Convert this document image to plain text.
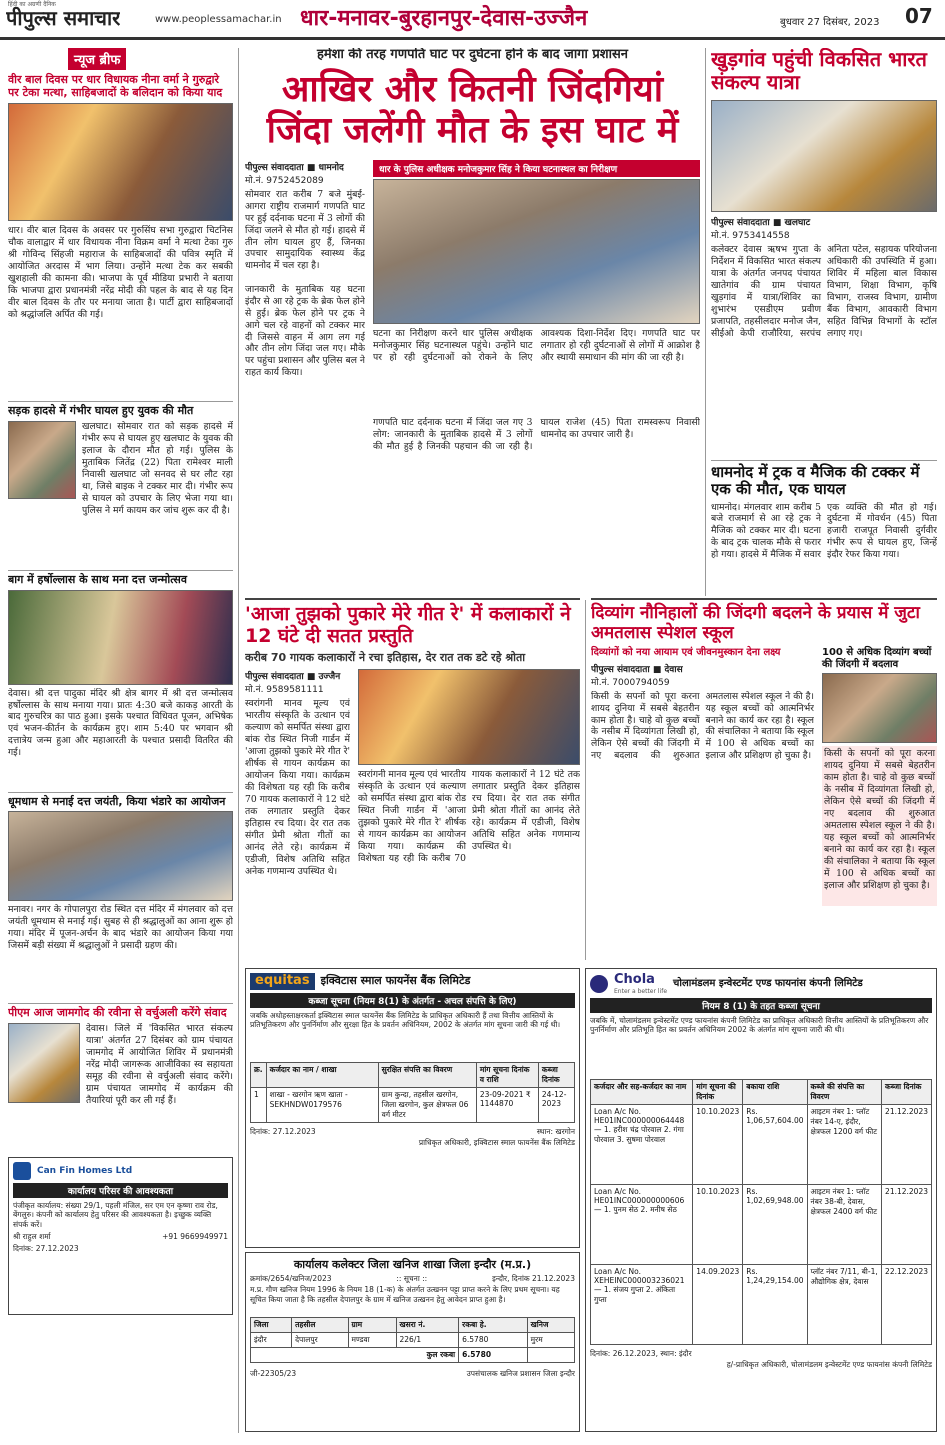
हिंदी का अग्रणी दैनिक
पीपुल्स समाचार	www.peoplessamachar.in धार-मनावर-बुरहानपुर-देवास-उज्जैन	बुधवार 27 दिसंबर, 2023 07
न्यूज ब्रीफ
वीर बाल दिवस पर धार विधायक नीना वर्मा ने गुरुद्वारे पर टेका मत्था, साहिबजादों के बलिदान को किया याद
धार। वीर बाल दिवस के अवसर पर गुरुसिंघ सभा गुरुद्वारा चिटनिस चौक वालाद्वार में धार विधायक नीना विक्रम वर्मा ने मत्था टेका गुरु श्री गोविन्द सिंहजी महाराज के साहिबजादों की पवित्र स्मृति में आयोजित अरदास में भाग लिया। उन्होंने मत्था टेक कर सबकी खुशहाली की कामना की। भाजपा के पूर्व मीडिया प्रभारी ने बताया कि भाजपा द्वारा प्रधानमंत्री नरेंद्र मोदी की पहल के बाद से यह दिन वीर बाल दिवस के तौर पर मनाया जाता है। पार्टी द्वारा साहिबजादों को श्रद्धांजलि अर्पित की गई।
सड़क हादसे में गंभीर घायल हुए युवक की मौत
खलघाट। सोमवार रात को सड़क हादसे में गंभीर रूप से घायल हुए खलघाट के युवक की इलाज के दौरान मौत हो गई। पुलिस के मुताबिक जितेंद्र (22) पिता रामेश्वर माली निवासी खलघाट जो सनवद से घर लौट रहा था, जिसे बाइक ने टक्कर मार दी। गंभीर रूप से घायल को उपचार के लिए भेजा गया था। पुलिस ने मर्ग कायम कर जांच शुरू कर दी है।
बाग में हर्षोल्लास के साथ मना दत्त जन्मोत्सव
देवास। श्री दत्त पादुका मंदिर श्री क्षेत्र बागर में श्री दत्त जन्मोत्सव हर्षोल्लास के साथ मनाया गया। प्रातः 4:30 बजे काकड़ आरती के बाद गुरुचरित्र का पाठ हुआ। इसके पश्चात विधिवत पूजन, अभिषेक एवं भजन-कीर्तन के कार्यक्रम हुए। शाम 5:40 पर भगवान श्री दत्तात्रेय जन्म हुआ और महाआरती के पश्चात प्रसादी वितरित की गई।
धूमधाम से मनाई दत्त जयंती, किया भंडारे का आयोजन
मनावर। नगर के गोपालपुरा रोड स्थित दत्त मंदिर में मंगलवार को दत्त जयंती धूमधाम से मनाई गई। सुबह से ही श्रद्धालुओं का आना शुरू हो गया। मंदिर में पूजन-अर्चन के बाद भंडारे का आयोजन किया गया जिसमें बड़ी संख्या में श्रद्धालुओं ने प्रसादी ग्रहण की।
पीएम आज जामगोद की रवीना से वर्चुअली करेंगे संवाद
देवास। जिले में 'विकसित भारत संकल्प यात्रा' अंतर्गत 27 दिसंबर को ग्राम पंचायत जामगोद में आयोजित शिविर में प्रधानमंत्री नरेंद्र मोदी जागरूक आजीविका स्व सहायता समूह की रवीना से वर्चुअली संवाद करेंगे। ग्राम पंचायत जामगोद में कार्यक्रम की तैयारियां पूरी कर ली गई हैं।
Can Fin Homes Ltd
कार्यालय परिसर की आवश्यकता
पंजीकृत कार्यालय: संख्या 29/1, पहली मंजिल, सर एम एन कृष्णा राव रोड, बेंगलुरु। कंपनी को कार्यालय हेतु परिसर की आवश्यकता है। इच्छुक व्यक्ति संपर्क करें।
श्री राहुल शर्मा	+91 9669949971
दिनांक: 27.12.2023
हमेशा की तरह गणपति घाट पर दुर्घटना होने के बाद जागा प्रशासन
आखिर और कितनी जिंदगियां जिंदा जलेंगी मौत के इस घाट में
पीपुल्स संवाददाता ■ धामनोद
मो.नं. 9752452089
सोमवार रात करीब 7 बजे मुंबई-आगरा राष्ट्रीय राजमार्ग गणपति घाट पर हुई दर्दनाक घटना में 3 लोगों की जिंदा जलने से मौत हो गई। हादसे में तीन लोग घायल हुए हैं, जिनका उपचार सामुदायिक स्वास्थ्य केंद्र धामनोद में चल रहा है।
जानकारी के मुताबिक यह घटना इंदौर से आ रहे ट्रक के ब्रेक फेल होने से हुई। ब्रेक फेल होने पर ट्रक ने आगे चल रहे वाहनों को टक्कर मार दी जिससे वाहन में आग लग गई और तीन लोग जिंदा जल गए। मौके पर पहुंचा प्रशासन और पुलिस बल ने राहत कार्य किया।
धार के पुलिस अधीक्षक मनोजकुमार सिंह ने किया घटनास्थल का निरीक्षण
घटना का निरीक्षण करने धार पुलिस अधीक्षक मनोजकुमार सिंह घटनास्थल पहुंचे। उन्होंने घाट पर हो रही दुर्घटनाओं को रोकने के लिए आवश्यक दिशा-निर्देश दिए। गणपति घाट पर लगातार हो रही दुर्घटनाओं से लोगों में आक्रोश है और स्थायी समाधान की मांग की जा रही है।
गणपति घाट दर्दनाक घटना में जिंदा जल गए 3 लोग: जानकारी के मुताबिक हादसे में 3 लोगों की मौत हुई है जिनकी पहचान की जा रही है। घायल राजेश (45) पिता रामस्वरूप निवासी धामनोद का उपचार जारी है।
खुड़गांव पहुंची विकसित भारत संकल्प यात्रा
पीपुल्स संवाददाता ■ खलघाट
मो.नं. 9753414558
कलेक्टर देवास ऋषभ गुप्ता के निर्देशन में विकसित भारत संकल्प यात्रा के अंतर्गत जनपद पंचायत खातेगांव की ग्राम पंचायत खुड़गांव में यात्रा/शिविर का शुभारंभ एसडीएम प्रवीण प्रजापति, तहसीलदार मनोज जैन, सीईओ केपी राजौरिया, सरपंच अनिता पटेल, सहायक परियोजना अधिकारी की उपस्थिति में हुआ। शिविर में महिला बाल विकास विभाग, शिक्षा विभाग, कृषि विभाग, राजस्व विभाग, ग्रामीण बैंक विभाग, आवकारी विभाग सहित विभिन्न विभागों के स्टॉल लगाए गए।
धामनोद में ट्रक व मैजिक की टक्कर में एक की मौत, एक घायल
धामनोद। मंगलवार शाम करीब 5 बजे राजमार्ग से आ रहे ट्रक ने मैजिक को टक्कर मार दी। घटना के बाद ट्रक चालक मौके से फरार हो गया। हादसे में मैजिक में सवार एक व्यक्ति की मौत हो गई। दुर्घटना में गोवर्धन (45) पिता हजारी राजपूत निवासी दुर्गवीर गंभीर रूप से घायल हुए, जिन्हें इंदौर रेफर किया गया।
'आजा तुझको पुकारे मेरे गीत रे' में कलाकारों ने 12 घंटे दी सतत प्रस्तुति
करीब 70 गायक कलाकारों ने रचा इतिहास, देर रात तक डटे रहे श्रोता
पीपुल्स संवाददाता ■ उज्जैन
मो.नं. 9589581111
स्वरांगनी मानव मूल्य एवं भारतीय संस्कृति के उत्थान एवं कल्याण को समर्पित संस्था द्वारा बांक रोड स्थित निजी गार्डन में 'आजा तुझको पुकारे मेरे गीत रे' शीर्षक से गायन कार्यक्रम का आयोजन किया गया। कार्यक्रम की विशेषता यह रही कि करीब 70 गायक कलाकारों ने 12 घंटे तक लगातार प्रस्तुति देकर इतिहास रच दिया। देर रात तक संगीत प्रेमी श्रोता गीतों का आनंद लेते रहे। कार्यक्रम में एडीजी, विशेष अतिथि सहित अनेक गणमान्य उपस्थित थे।
स्वरांगनी मानव मूल्य एवं भारतीय संस्कृति के उत्थान एवं कल्याण को समर्पित संस्था द्वारा बांक रोड स्थित निजी गार्डन में 'आजा तुझको पुकारे मेरे गीत रे' शीर्षक से गायन कार्यक्रम का आयोजन किया गया। कार्यक्रम की विशेषता यह रही कि करीब 70 गायक कलाकारों ने 12 घंटे तक लगातार प्रस्तुति देकर इतिहास रच दिया। देर रात तक संगीत प्रेमी श्रोता गीतों का आनंद लेते रहे। कार्यक्रम में एडीजी, विशेष अतिथि सहित अनेक गणमान्य उपस्थित थे।
दिव्यांग नौनिहालों की जिंदगी बदलने के प्रयास में जुटा अमतलास स्पेशल स्कूल
दिव्यांगों को नया आयाम एवं जीवनमुस्कान देना लक्ष्य
पीपुल्स संवाददाता ■ देवास
मो.नं. 7000794059
किसी के सपनों को पूरा करना शायद दुनिया में सबसे बेहतरीन काम होता है। चाहे वो कुछ बच्चों के नसीब में दिव्यांगता लिखी हो, लेकिन ऐसे बच्चों की जिंदगी में नए बदलाव की शुरुआत अमतलास स्पेशल स्कूल ने की है। यह स्कूल बच्चों को आत्मनिर्भर बनाने का कार्य कर रहा है। स्कूल की संचालिका ने बताया कि स्कूल में 100 से अधिक बच्चों का इलाज और प्रशिक्षण हो चुका है।
100 से अधिक दिव्यांग बच्चों की जिंदगी में बदलाव
किसी के सपनों को पूरा करना शायद दुनिया में सबसे बेहतरीन काम होता है। चाहे वो कुछ बच्चों के नसीब में दिव्यांगता लिखी हो, लेकिन ऐसे बच्चों की जिंदगी में नए बदलाव की शुरुआत अमतलास स्पेशल स्कूल ने की है। यह स्कूल बच्चों को आत्मनिर्भर बनाने का कार्य कर रहा है। स्कूल की संचालिका ने बताया कि स्कूल में 100 से अधिक बच्चों का इलाज और प्रशिक्षण हो चुका है।
equitas	इक्विटास स्माल फायनेंस बैंक लिमिटेड
कब्जा सूचना (नियम 8(1) के अंतर्गत - अचल संपत्ति के लिए)
जबकि अधोहस्ताक्षरकर्ता इक्विटास स्माल फायनेंस बैंक लिमिटेड के प्राधिकृत अधिकारी हैं तथा वित्तीय आस्तियों के प्रतिभूतिकरण और पुनर्निर्माण और सुरक्षा हित के प्रवर्तन अधिनियम, 2002 के अंतर्गत मांग सूचना जारी की गई थी।
क्र.	कर्जदार का नाम / शाखा	सुरक्षित संपत्ति का विवरण	मांग सूचना दिनांक व राशि	कब्जा दिनांक
1	शाखा - खरगोन ऋण खाता - SEKHNDW0179576	ग्राम कुन्दा, तहसील खरगोन, जिला खरगोन, कुल क्षेत्रफल 06 वर्ग मीटर	23-09-2021 ₹ 1144870	24-12-2023
दिनांक: 27.12.2023	स्थान: खरगोन
प्राधिकृत अधिकारी, इक्विटास स्माल फायनेंस बैंक लिमिटेड
कार्यालय कलेक्टर जिला खनिज शाखा जिला इन्दौर (म.प्र.)
क्रमांक/2654/खनिज/2023	:: सूचना ::	इन्दौर, दिनांक 21.12.2023
म.प्र. गौण खनिज नियम 1996 के नियम 18 (1-क) के अंतर्गत उत्खनन पट्टा प्राप्त करने के लिए प्रथम सूचना। यह सूचित किया जाता है कि तहसील देपालपुर के ग्राम में खनिज उत्खनन हेतु आवेदन प्राप्त हुआ है।
जिला	तहसील	ग्राम	खसरा नं.	रकबा हे.	खनिज
इंदौर	देपालपुर	मण्डवा	226/1	6.5780	मुरम
कुल रकबा				6.5780	
जी-22305/23	उपसंचालक खनिज प्रशासन जिला इन्दौर
Chola
Enter a better life
चोलामंडलम इन्वेस्टमेंट एण्ड फायनांस कंपनी लिमिटेड
नियम 8 (1) के तहत कब्जा सूचना
जबकि में, चोलामंडलम इन्वेस्टमेंट एण्ड फायनांस कंपनी लिमिटेड का प्राधिकृत अधिकारी वित्तीय आस्तियों के प्रतिभूतिकरण और पुनर्निर्माण और प्रतिभूति हित का प्रवर्तन अधिनियम 2002 के अंतर्गत मांग सूचना जारी की थी।
कर्जदार और सह-कर्जदार का नाम	मांग सूचना की दिनांक	बकाया राशि	कब्जे की संपत्ति का विवरण	कब्जा दिनांक
Loan A/c No. HE01INC000000064448 — 1. हरीश चंद्र पोरवाल 2. गंगा पोरवाल 3. सुषमा पोरवाल	10.10.2023	Rs. 1,06,57,604.00	आइटम नंबर 1: प्लॉट नंबर 14-ए, इंदौर, क्षेत्रफल 1200 वर्ग फीट	21.12.2023
Loan A/c No. HE01INC000000000606 — 1. पुनम सेठ 2. मनीष सेठ	10.10.2023	Rs. 1,02,69,948.00	आइटम नंबर 1: प्लॉट नंबर 38-बी, देवास, क्षेत्रफल 2400 वर्ग फीट	21.12.2023
Loan A/c No. XEHEINC000003236021 — 1. संजय गुप्ता 2. अंकिता गुप्ता	14.09.2023	Rs. 1,24,29,154.00	प्लॉट नंबर 7/11, बी-1, औद्योगिक क्षेत्र, देवास	22.12.2023
दिनांक: 26.12.2023, स्थान: इंदौर
ह/-प्राधिकृत अधिकारी, चोलामंडलम इन्वेस्टमेंट एण्ड फायनांस कंपनी लिमिटेड
